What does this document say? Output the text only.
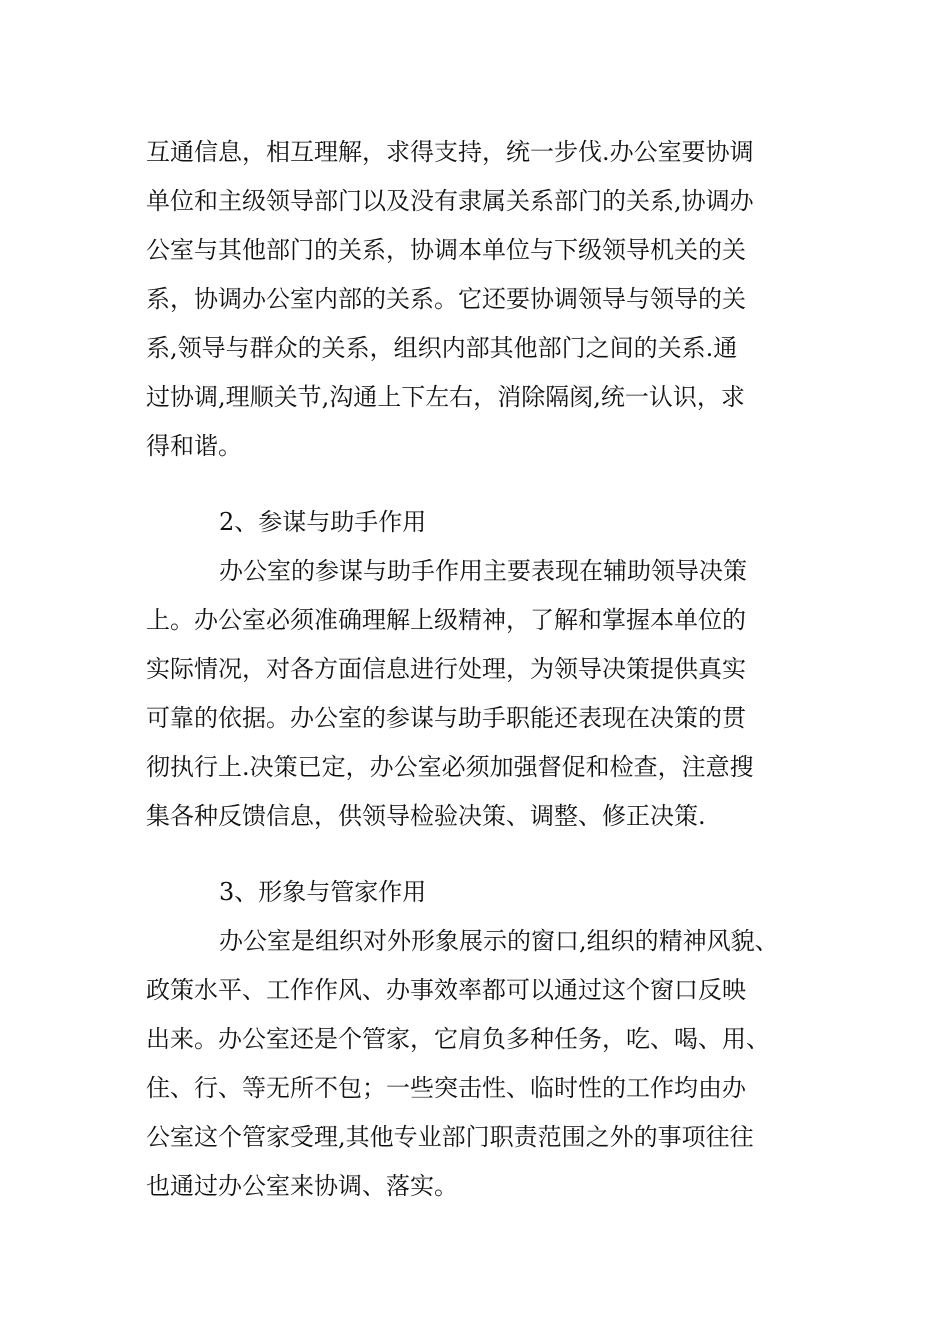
互通信息，相互理解，求得支持，统一步伐.办公室要协调
单位和主级领导部门以及没有隶属关系部门的关系,协调办
公室与其他部门的关系，协调本单位与下级领导机关的关
系，协调办公室内部的关系。它还要协调领导与领导的关
系,领导与群众的关系，组织内部其他部门之间的关系.通
过协调,理顺关节,沟通上下左右，消除隔阂,统一认识，求
得和谐。
2、参谋与助手作用
办公室的参谋与助手作用主要表现在辅助领导决策
上。办公室必须准确理解上级精神，了解和掌握本单位的
实际情况，对各方面信息进行处理，为领导决策提供真实
可靠的依据。办公室的参谋与助手职能还表现在决策的贯
彻执行上.决策已定，办公室必须加强督促和检查，注意搜
集各种反馈信息，供领导检验决策、调整、修正决策.
3、形象与管家作用
办公室是组织对外形象展示的窗口,组织的精神风貌、
政策水平、工作作风、办事效率都可以通过这个窗口反映
出来。办公室还是个管家，它肩负多种任务，吃、喝、用、
住、行、等无所不包；一些突击性、临时性的工作均由办
公室这个管家受理,其他专业部门职责范围之外的事项往往
也通过办公室来协调、落实。
